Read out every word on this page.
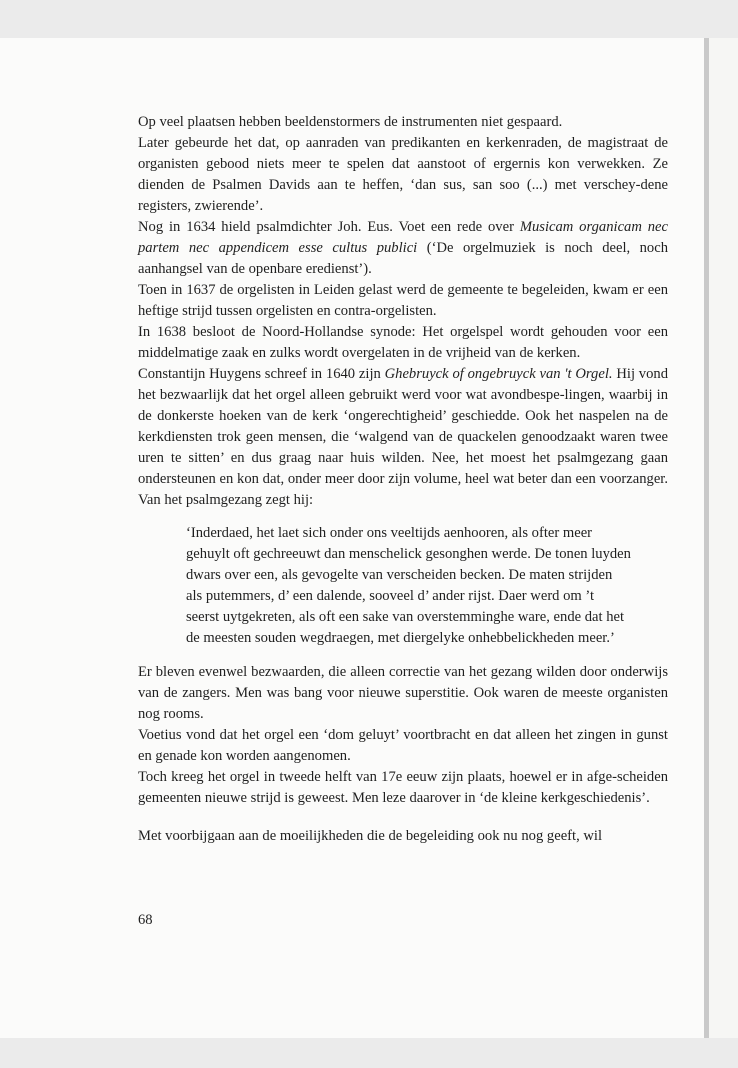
Op veel plaatsen hebben beeldenstormers de instrumenten niet gespaard.

Later gebeurde het dat, op aanraden van predikanten en kerkenraden, de magistraat de organisten gebood niets meer te spelen dat aanstoot of ergernis kon verwekken. Ze dienden de Psalmen Davids aan te heffen, ‘dan sus, san soo (...) met verschey-dene registers, zwierende’.

Nog in 1634 hield psalmdichter Joh. Eus. Voet een rede over Musicam organicam nec partem nec appendicem esse cultus publici (‘De orgelmuziek is noch deel, noch aanhangsel van de openbare eredienst’).

Toen in 1637 de orgelisten in Leiden gelast werd de gemeente te begeleiden, kwam er een heftige strijd tussen orgelisten en contra-orgelisten.

In 1638 besloot de Noord-Hollandse synode: Het orgelspel wordt gehouden voor een middelmatige zaak en zulks wordt overgelaten in de vrijheid van de kerken.

Constantijn Huygens schreef in 1640 zijn Ghebruyck of ongebruyck van 't Orgel. Hij vond het bezwaarlijk dat het orgel alleen gebruikt werd voor wat avondbespe-lingen, waarbij in de donkerste hoeken van de kerk ‘ongerechtigheid’ geschiedde. Ook het naspelen na de kerkdiensten trok geen mensen, die ‘walgend van de quackelen genoodzaakt waren twee uren te sitten’ en dus graag naar huis wilden. Nee, het moest het psalmgezang gaan ondersteunen en kon dat, onder meer door zijn volume, heel wat beter dan een voorzanger. Van het psalmgezang zegt hij:

‘Inderdaed, het laet sich onder ons veeltijds aenhooren, als ofter meer
gehuylt oft gechreeuwt dan menschelick gesonghen werde. De tonen luyden
dwars over een, als gevogelte van verscheiden becken. De maten strijden
als putemmers, d’ een dalende, sooveel d’ ander rijst. Daer werd om ’t
seerst uytgekreten, als oft een sake van overstemminghe ware, ende dat het
de meesten souden wegdraegen, met diergelyke onhebbelickheden meer.’

Er bleven evenwel bezwaarden, die alleen correctie van het gezang wilden door onderwijs van de zangers. Men was bang voor nieuwe superstitie. Ook waren de meeste organisten nog rooms.

Voetius vond dat het orgel een ‘dom geluyt’ voortbracht en dat alleen het zingen in gunst en genade kon worden aangenomen.

Toch kreeg het orgel in tweede helft van 17e eeuw zijn plaats, hoewel er in afge-scheiden gemeenten nieuwe strijd is geweest. Men leze daarover in ‘de kleine kerkgeschiedenis’.

Met voorbijgaan aan de moeilijkheden die de begeleiding ook nu nog geeft, wil

68
